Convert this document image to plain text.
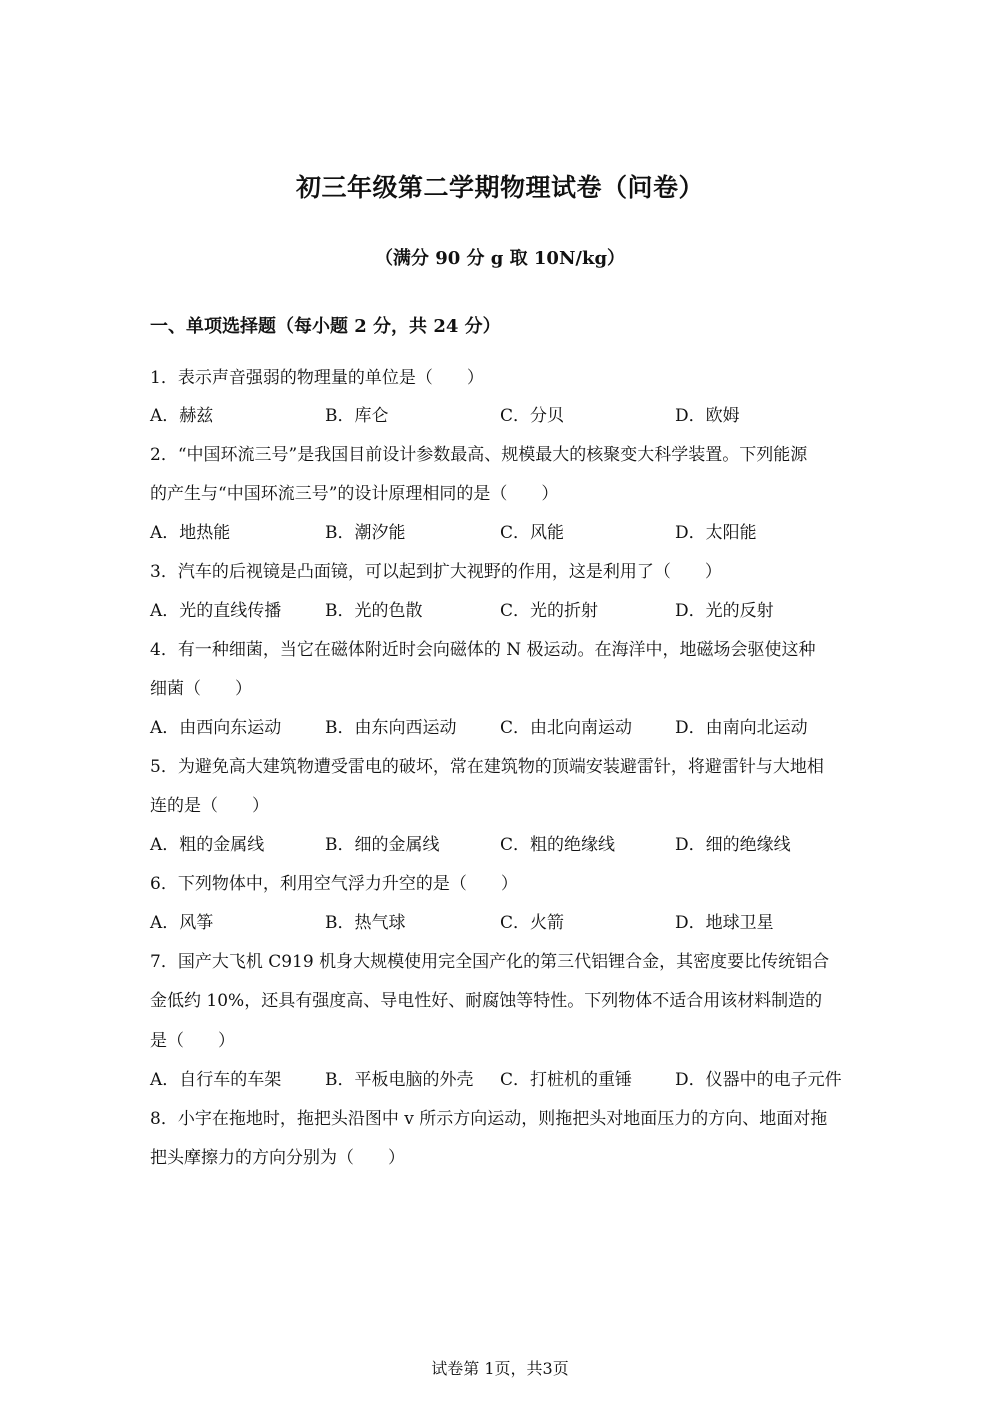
初三年级第二学期物理试卷（问卷）
（满分 90 分 g 取 10N/kg）
一、单项选择题（每小题 2 分，共 24 分）
1．表示声音强弱的物理量的单位是（　　）
A．赫兹	B．库仑	C．分贝	D．欧姆
2．“中国环流三号”是我国目前设计参数最高、规模最大的核聚变大科学装置。下列能源
的产生与“中国环流三号”的设计原理相同的是（　　）
A．地热能	B．潮汐能	C．风能	D．太阳能
3．汽车的后视镜是凸面镜，可以起到扩大视野的作用，这是利用了（　　）
A．光的直线传播	B．光的色散	C．光的折射	D．光的反射
4．有一种细菌，当它在磁体附近时会向磁体的 N 极运动。在海洋中，地磁场会驱使这种
细菌（　　）
A．由西向东运动	B．由东向西运动	C．由北向南运动	D．由南向北运动
5．为避免高大建筑物遭受雷电的破坏，常在建筑物的顶端安装避雷针，将避雷针与大地相
连的是（　　）
A．粗的金属线	B．细的金属线	C．粗的绝缘线	D．细的绝缘线
6．下列物体中，利用空气浮力升空的是（　　）
A．风筝	B．热气球	C．火箭	D．地球卫星
7．国产大飞机 C919 机身大规模使用完全国产化的第三代铝锂合金，其密度要比传统铝合
金低约 10%，还具有强度高、导电性好、耐腐蚀等特性。下列物体不适合用该材料制造的
是（　　）
A．自行车的车架	B．平板电脑的外壳 C．打桩机的重锤	D．仪器中的电子元件
8．小宇在拖地时，拖把头沿图中 v 所示方向运动，则拖把头对地面压力的方向、地面对拖
把头摩擦力的方向分别为（　　）
试卷第 1页，共3页
